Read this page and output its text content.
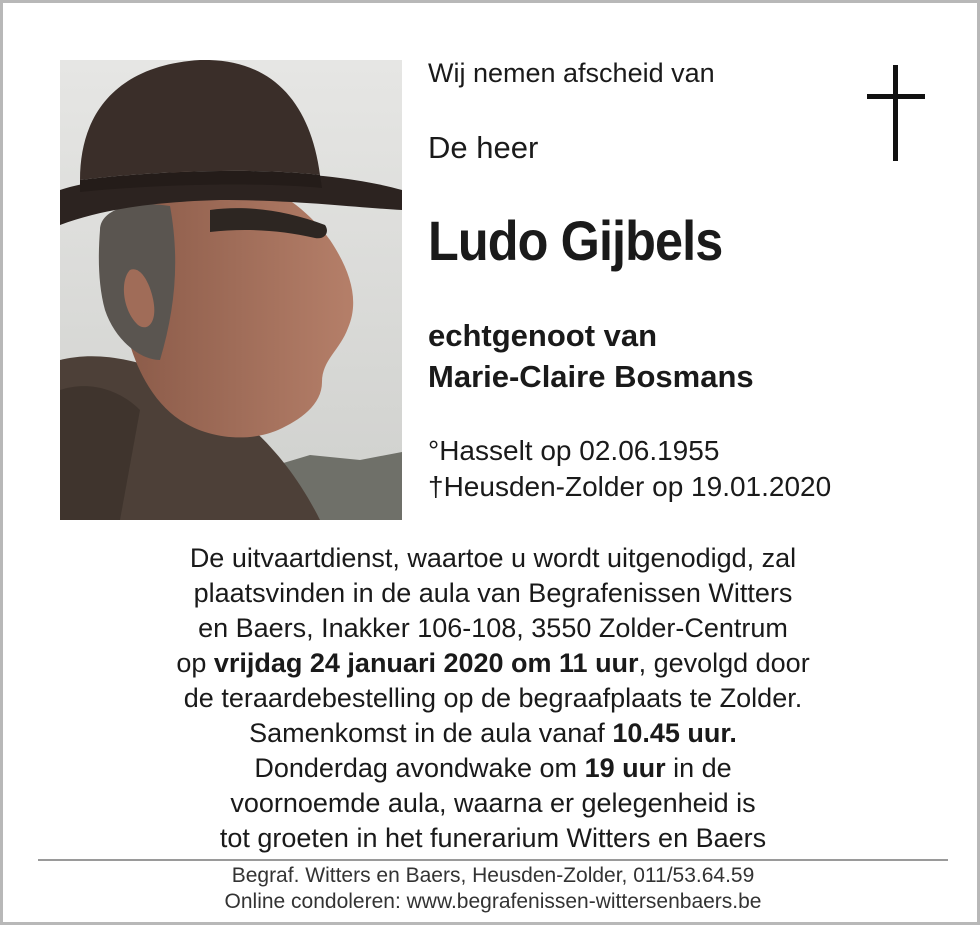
Wij nemen afscheid van
De heer
Ludo Gijbels
echtgenoot van
Marie-Claire Bosmans
°Hasselt op 02.06.1955
†Heusden-Zolder op 19.01.2020
De uitvaartdienst, waartoe u wordt uitgenodigd, zal
plaatsvinden in de aula van Begrafenissen Witters
en Baers, Inakker 106-108, 3550 Zolder-Centrum
op vrijdag 24 januari 2020 om 11 uur, gevolgd door
de teraardebestelling op de begraafplaats te Zolder.
Samenkomst in de aula vanaf 10.45 uur.
Donderdag avondwake om 19 uur in de
voornoemde aula, waarna er gelegenheid is
tot groeten in het funerarium Witters en Baers
Begraf. Witters en Baers, Heusden-Zolder, 011/53.64.59
Online condoleren: www.begrafenissen-wittersenbaers.be
